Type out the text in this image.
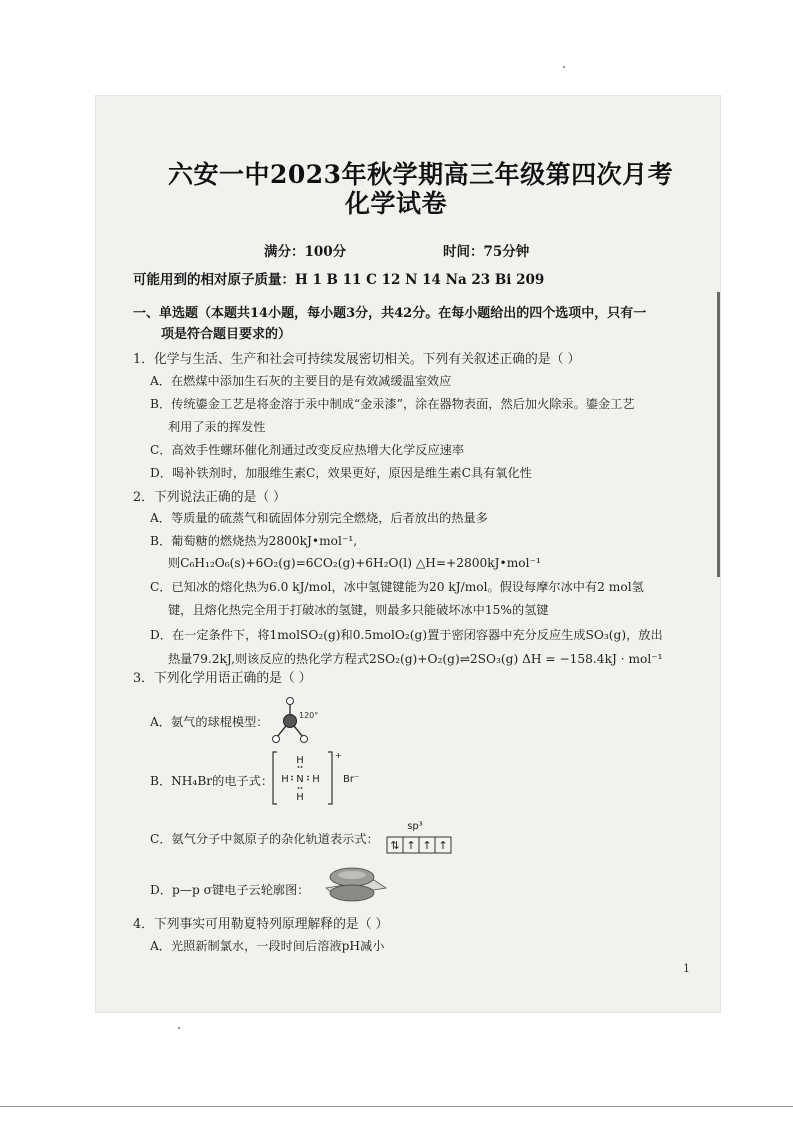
六安一中2023年秋学期高三年级第四次月考
化学试卷
满分：100分	时间：75分钟
可能用到的相对原子质量：H 1 B 11 C 12 N 14 Na 23 Bi 209
一、单选题（本题共14小题，每小题3分，共42分。在每小题给出的四个选项中，只有一
项是符合题目要求的）
1．化学与生活、生产和社会可持续发展密切相关。下列有关叙述正确的是（ ）
A．在燃煤中添加生石灰的主要目的是有效减缓温室效应
B．传统鎏金工艺是将金溶于汞中制成“金汞漆”，涂在器物表面，然后加火除汞。鎏金工艺
利用了汞的挥发性
C．高效手性螺环催化剂通过改变反应热增大化学反应速率
D．喝补铁剂时，加服维生素C，效果更好，原因是维生素C具有氧化性
2．下列说法正确的是（ ）
A．等质量的硫蒸气和硫固体分别完全燃烧，后者放出的热量多
B．葡萄糖的燃烧热为2800kJ•mol⁻¹,
则C₆H₁₂O₆(s)+6O₂(g)=6CO₂(g)+6H₂O(l) △H=+2800kJ•mol⁻¹
C．已知冰的熔化热为6.0 kJ/mol，冰中氢键键能为20 kJ/mol。假设每摩尔冰中有2 mol氢
键，且熔化热完全用于打破冰的氢键，则最多只能破坏冰中15%的氢键
D．在一定条件下，将1molSO₂(g)和0.5molO₂(g)置于密闭容器中充分反应生成SO₃(g)，放出
热量79.2kJ,则该反应的热化学方程式2SO₂(g)+O₂(g)⇌2SO₃(g) ΔH = −158.4kJ · mol⁻¹
3．下列化学用语正确的是（ ）
A．氨气的球棍模型：	120°
B．NH₄Br的电子式：
H
H N H
H
+
Br⁻
C．氨气分子中氮原子的杂化轨道表示式：
sp³
⇅ ↑ ↑ ↑
D．p—p σ键电子云轮廓图：
4．下列事实可用勒夏特列原理解释的是（ ）
A．光照新制氯水，一段时间后溶液pH减小
1
